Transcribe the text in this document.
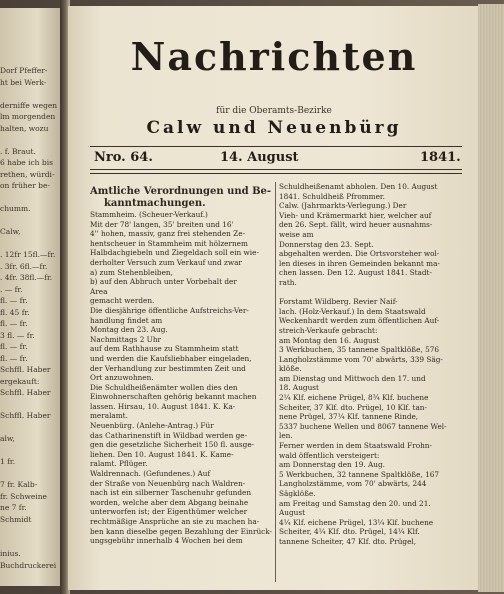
Dorf Pfeffer-
ht bei Werk-
derniffe wegen
lm morgenden
halten, wozu
. f. Braut.
6 habe ich bis
rethen, würdi-
on früher be-
chumm.
Calw,
. 12fr 15fl.—fr.
. 3fr. 6fl.—fr.
. 4fr. 38fl.—fr.
. — fr.
fl. — fr.
fl. 45 fr.
fl. — fr.
3 fl. — fr.
fl. — fr.
fl. — fr.
Schffl. Haber
ergekauft:
Schffl. Haber
Schffl. Haber
alw,
1 fr.
7 fr. Kalb-
fr. Schweine
ne 7 fr.
Schmidt
inius.
Buchdruckerei
Nachrichten
für die Oberamts-Bezirke
Calw und Neuenbürg
Nro. 64.	14. August	1841.
Amtliche Verordnungen und Be-
kanntmachungen.
Stammheim. (Scheuer-Verkauf.)
Mit der 78' langen, 35' breiten und 16'
4'' hohen, massiv, ganz frei stehenden Ze-
hentscheuer in Stammheim mit hölzernem
Halbdachgiebeln und Ziegeldach soll ein wie-
derholter Versuch zum Verkauf und zwar
a) zum Stehenbleiben,
b) auf den Abbruch unter Vorbehalt der
Area
gemacht werden.
Die diesjährige öffentliche Aufstreichs-Ver-
handlung findet am
Montag den 23. Aug.
Nachmittags 2 Uhr
auf dem Rathhause zu Stammheim statt
und werden die Kaufsliebhaber eingeladen,
der Verhandlung zur bestimmten Zeit und
Ort anzuwohnen.
Die Schuldheißenämter wollen dies den
Einwohnerschaften gehörig bekannt machen
lassen. Hirsau, 10. August 1841. K. Ka-
meralamt.
Neuenbürg. (Anlehe-Antrag.) Für
das Catharinenstift in Wildbad werden ge-
gen die gesetzliche Sicherheit 150 fl. ausge-
liehen. Den 10. August 1841. K. Kame-
ralamt. Pflüger.
Waldrennach. (Gefundenes.) Auf
der Straße von Neuenbürg nach Waldren-
nach ist ein silberner Taschenuhr gefunden
worden, welche aber dem Abgang beinahe
unterworfen ist; der Eigenthümer welcher
rechtmäßige Ansprüche an sie zu machen ha-
ben kann dieselbe gegen Bezahlung der Einrück-
ungsgebühr innerhalb 4 Wochen bei dem
Schuldheißenamt abholen. Den 10. August
1841. Schuldheiß Pfrommer.
Calw. (Jahrmarkts-Verlegung.) Der
Vieh- und Krämermarkt hier, welcher auf
den 26. Sept. fällt, wird heuer ausnahms-
weise am
Donnerstag den 23. Sept.
abgehalten werden. Die Ortsvorsteher wol-
len dieses in ihren Gemeinden bekannt ma-
chen lassen. Den 12. August 1841. Stadt-
rath.

Forstamt Wildberg. Revier Naif-
lach. (Holz-Verkauf.) In dem Staatswald
Weckenhardt werden zum öffentlichen Auf-
streich-Verkaufe gebracht:
am Montag den 16. August
3 Werkbuchen, 35 tannene Spaltklöße, 576
Langholzstämme vom 70' abwärts, 339 Säg-
klöße.
am Dienstag und Mittwoch den 17. und
18. August
2¼ Klf. eichene Prügel, 8¾ Klf. buchene
Scheiter, 37 Klf. dto. Prügel, 10 Klf. tan-
nene Prügel, 37¼ Klf. tannene Rinde,
5337 buchene Wellen und 8067 tannene Wel-
len.
Ferner werden in dem Staatswald Frohn-
wald öffentlich versteigert:
am Donnerstag den 19. Aug.
5 Werkbuchen, 32 tannene Spaltklöße, 167
Langholzstämme, vom 70' abwärts, 244
Sägklöße.
am Freitag und Samstag den 20. und 21.
August
4¼ Klf. eichene Prügel, 13¼ Klf. buchene
Scheiter, 4¼ Klf. dto. Prügel, 14¼ Klf.
tannene Scheiter, 47 Klf. dto. Prügel,
